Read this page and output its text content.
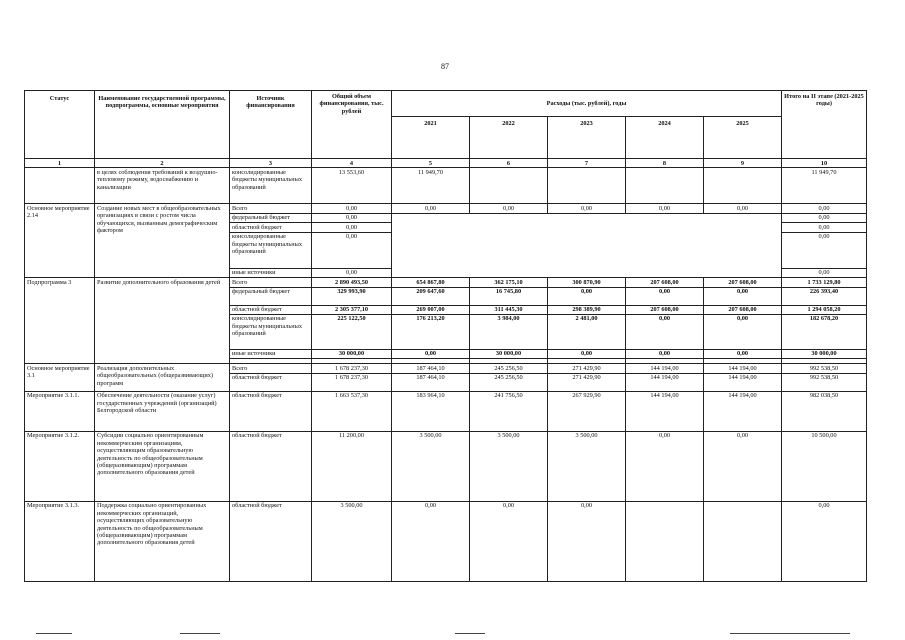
87
Статус	Наименование государственной программы, подпрограммы, основные мероприятия	Источник финансирования	Общий объем финансирования, тыс. рублей	Расходы (тыс. рублей), годы					Итого на II этапе (2021-2025 годы)
				2021	2022	2023	2024	2025	
1	2	3	4	5	6	7	8	9	10
	в целях соблюдения требований к воздушно-тепловому режиму, водоснабжению и канализации	консолидированные бюджеты муниципальных образований	13 553,60	11 949,70					11 949,70
Основное мероприятие 2.14	Создание новых мест в общеобразовательных организациях в связи с ростом числа обучающихся, вызванным демографическим фактором	Всего	0,00	0,00	0,00	0,00	0,00	0,00	0,00
		федеральный бюджет	0,00						0,00
		областной бюджет	0,00						0,00
		консолидированные бюджеты муниципальных образований	0,00						0,00
		иные источники	0,00						0,00
Подпрограмма 3	Развитие дополнительного образования детей	Всего	2 890 493,50	654 867,80	362 175,10	300 870,90	207 608,00	207 608,00	1 733 129,80
		федеральный бюджет	329 993,90	209 647,60	16 745,80	0,00	0,00	0,00	226 393,40
		областной бюджет	2 305 377,10	269 007,00	311 445,30	298 389,90	207 608,00	207 608,00	1 294 058,20
		консолидированные бюджеты муниципальных образований	225 122,50	176 213,20	3 984,00	2 481,00	0,00	0,00	182 678,20
		иные источники	30 000,00	0,00	30 000,00	0,00	0,00	0,00	30 000,00

Основное мероприятие 3.1	Реализация дополнительных общеобразовательных (общеразвивающих) программ	Всего	1 678 237,30	187 464,10	245 256,50	271 429,90	144 194,00	144 194,00	992 538,50
		областной бюджет	1 678 237,30	187 464,10	245 256,50	271 429,90	144 194,00	144 194,00	992 538,50
Мероприятие 3.1.1.	Обеспечение деятельности (оказание услуг) государственных учреждений (организаций) Белгородской области	областной бюджет	1 663 537,30	183 964,10	241 756,50	267 929,90	144 194,00	144 194,00	982 038,50
Мероприятие 3.1.2.	Субсидии социально ориентированным некоммерческим организациям, осуществляющим образовательную деятельность по общеобразовательным (общеразвивающим) программам дополнительного образования детей	областной бюджет	11 200,00	3 500,00	3 500,00	3 500,00	0,00	0,00	10 500,00
Мероприятие 3.1.3.	Поддержка социально ориентированных некоммерческих организаций, осуществляющих образовательную деятельность по общеобразовательным (общеразвивающим) программам дополнительного образования детей	областной бюджет	3 500,00	0,00	0,00	0,00			0,00
